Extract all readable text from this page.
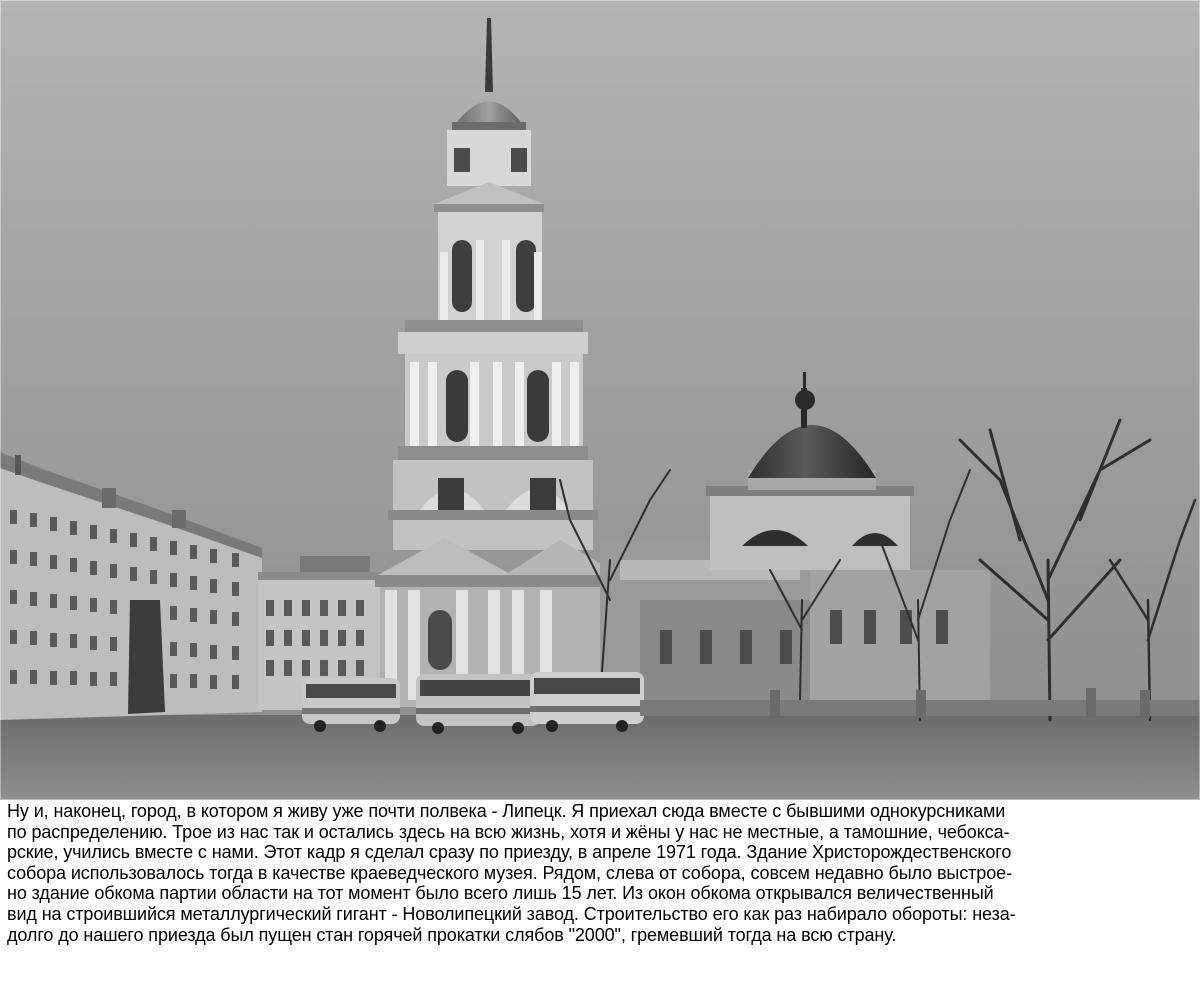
Ну и, наконец, город, в котором я живу уже почти полвека - Липецк. Я приехал сюда вместе с бывшими однокурсниками
по распределению. Трое из нас так и остались здесь на всю жизнь, хотя и жёны у нас не местные, а тамошние, чебокса-
рские, учились вместе с нами. Этот кадр я сделал сразу по приезду, в апреле 1971 года. Здание Христорождественского
собора использовалось тогда в качестве краеведческого музея. Рядом, слева от собора, совсем недавно было выстрое-
но здание обкома партии области на тот момент было всего лишь 15 лет. Из окон обкома открывался величественный
вид на строившийся металлургический гигант - Новолипецкий завод. Строительство его как раз набирало обороты: неза-
долго до нашего приезда был пущен стан горячей прокатки слябов "2000", гремевший тогда на всю страну.
